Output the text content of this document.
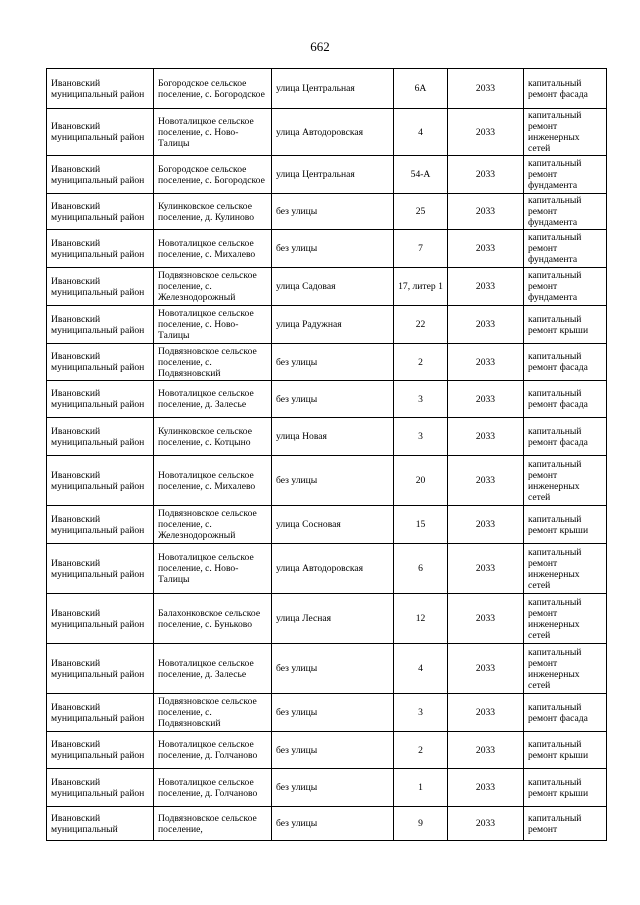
662
Ивановский муниципальный район	Богородское сельское поселение, с. Богородское	улица Центральная	6А	2033	капитальный ремонт фасада
Ивановский муниципальный район	Новоталицкое сельское поселение, с. Ново-Талицы	улица Автодоровская	4	2033	капитальный ремонт инженерных сетей
Ивановский муниципальный район	Богородское сельское поселение, с. Богородское	улица Центральная	54-А	2033	капитальный ремонт фундамента
Ивановский муниципальный район	Кулинковское сельское поселение, д. Кулиново	без улицы	25	2033	капитальный ремонт фундамента
Ивановский муниципальный район	Новоталицкое сельское поселение, с. Михалево	без улицы	7	2033	капитальный ремонт фундамента
Ивановский муниципальный район	Подвязновское сельское поселение, с. Железнодорожный	улица Садовая	17, литер 1	2033	капитальный ремонт фундамента
Ивановский муниципальный район	Новоталицкое сельское поселение, с. Ново-Талицы	улица Радужная	22	2033	капитальный ремонт крыши
Ивановский муниципальный район	Подвязновское сельское поселение, с. Подвязновский	без улицы	2	2033	капитальный ремонт фасада
Ивановский муниципальный район	Новоталицкое сельское поселение, д. Залесье	без улицы	3	2033	капитальный ремонт фасада
Ивановский муниципальный район	Кулинковское сельское поселение, с. Котцыно	улица Новая	3	2033	капитальный ремонт фасада
Ивановский муниципальный район	Новоталицкое сельское поселение, с. Михалево	без улицы	20	2033	капитальный ремонт инженерных сетей
Ивановский муниципальный район	Подвязновское сельское поселение, с. Железнодорожный	улица Сосновая	15	2033	капитальный ремонт крыши
Ивановский муниципальный район	Новоталицкое сельское поселение, с. Ново-Талицы	улица Автодоровская	6	2033	капитальный ремонт инженерных сетей
Ивановский муниципальный район	Балахонковское сельское поселение, с. Буньково	улица Лесная	12	2033	капитальный ремонт инженерных сетей
Ивановский муниципальный район	Новоталицкое сельское поселение, д. Залесье	без улицы	4	2033	капитальный ремонт инженерных сетей
Ивановский муниципальный район	Подвязновское сельское поселение, с. Подвязновский	без улицы	3	2033	капитальный ремонт фасада
Ивановский муниципальный район	Новоталицкое сельское поселение, д. Голчаново	без улицы	2	2033	капитальный ремонт крыши
Ивановский муниципальный район	Новоталицкое сельское поселение, д. Голчаново	без улицы	1	2033	капитальный ремонт крыши
Ивановский муниципальный	Подвязновское сельское поселение,	без улицы	9	2033	капитальный ремонт
